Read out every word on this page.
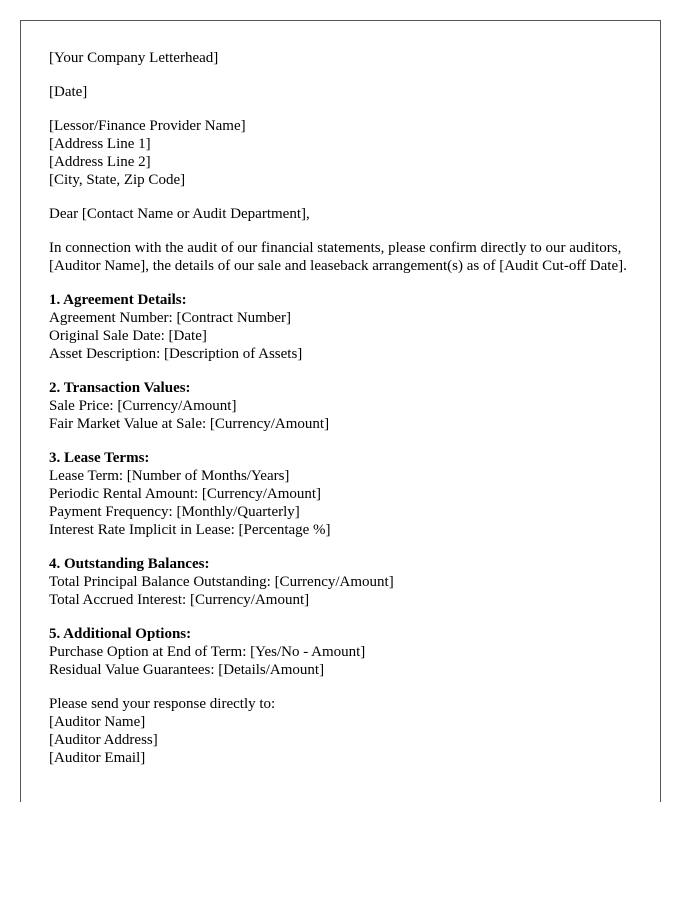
[Your Company Letterhead]
[Date]
[Lessor/Finance Provider Name]
[Address Line 1]
[Address Line 2]
[City, State, Zip Code]
Dear [Contact Name or Audit Department],
In connection with the audit of our financial statements, please confirm directly to our auditors, [Auditor Name], the details of our sale and leaseback arrangement(s) as of [Audit Cut-off Date].
1. Agreement Details:
Agreement Number: [Contract Number]
Original Sale Date: [Date]
Asset Description: [Description of Assets]
2. Transaction Values:
Sale Price: [Currency/Amount]
Fair Market Value at Sale: [Currency/Amount]
3. Lease Terms:
Lease Term: [Number of Months/Years]
Periodic Rental Amount: [Currency/Amount]
Payment Frequency: [Monthly/Quarterly]
Interest Rate Implicit in Lease: [Percentage %]
4. Outstanding Balances:
Total Principal Balance Outstanding: [Currency/Amount]
Total Accrued Interest: [Currency/Amount]
5. Additional Options:
Purchase Option at End of Term: [Yes/No - Amount]
Residual Value Guarantees: [Details/Amount]
Please send your response directly to:
[Auditor Name]
[Auditor Address]
[Auditor Email]
